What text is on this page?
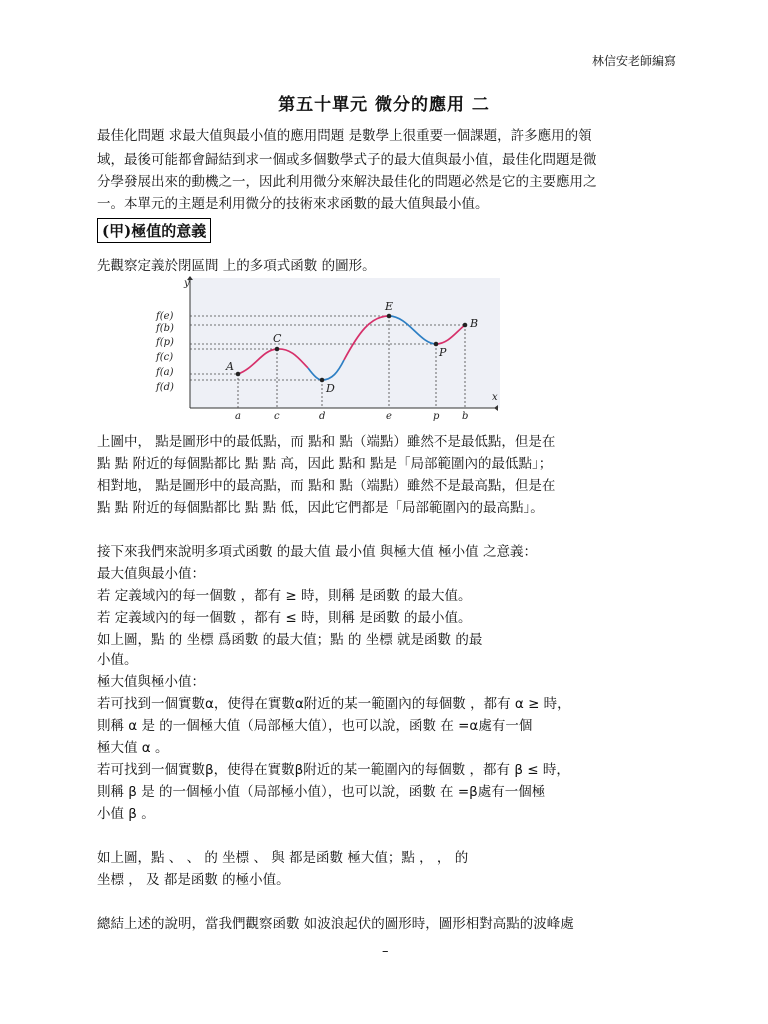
林信安老師編寫
第五十單元 微分的應用 二
最佳化問題 求最大值與最小值的應用問題 是數學上很重要一個課題，許多應用的領
域，最後可能都會歸結到求一個或多個數學式子的最大值與最小值，最佳化問題是微
分學發展出來的動機之一，因此利用微分來解決最佳化的問題必然是它的主要應用之
一。本單元的主題是利用微分的技術來求函數的最大值與最小值。
(甲)極值的意義
先觀察定義於閉區間 上的多項式函數 的圖形。
y
x
f(e)
f(b)
f(p)
f(c)
f(a)
f(d)
a	c	d	e	p b
A
C
D
E
P
B
上圖中， 點是圖形中的最低點，而 點和 點（端點）雖然不是最低點，但是在
點 點 附近的每個點都比 點 點 高，因此 點和 點是「局部範圍內的最低點」；
相對地， 點是圖形中的最高點，而 點和 點（端點）雖然不是最高點，但是在
點 點 附近的每個點都比 點 點 低，因此它們都是「局部範圍內的最高點」。
接下來我們來說明多項式函數 的最大值 最小值 與極大值 極小值 之意義：
最大值與最小值：
若 定義域內的每一個數 ，都有 ≥ 時，則稱 是函數 的最大值。
若 定義域內的每一個數 ，都有 ≤ 時，則稱 是函數 的最小值。
如上圖，點 的 坐標 爲函數 的最大值；點 的 坐標 就是函數 的最
小值。
極大值與極小值：
若可找到一個實數α，使得在實數α附近的某一範圍內的每個數 ，都有 α ≥ 時，
則稱 α 是 的一個極大值（局部極大值），也可以說，函數 在 =α處有一個
極大值 α 。
若可找到一個實數β，使得在實數β附近的某一範圍內的每個數 ，都有 β ≤ 時，
則稱 β 是 的一個極小值（局部極小值），也可以說，函數 在 =β處有一個極
小值 β 。
如上圖，點 、 、 的 坐標 、 與 都是函數 極大值；點 ， ， 的
坐標 ， 及 都是函數 的極小值。
總結上述的說明，當我們觀察函數 如波浪起伏的圖形時，圖形相對高點的波峰處
–
